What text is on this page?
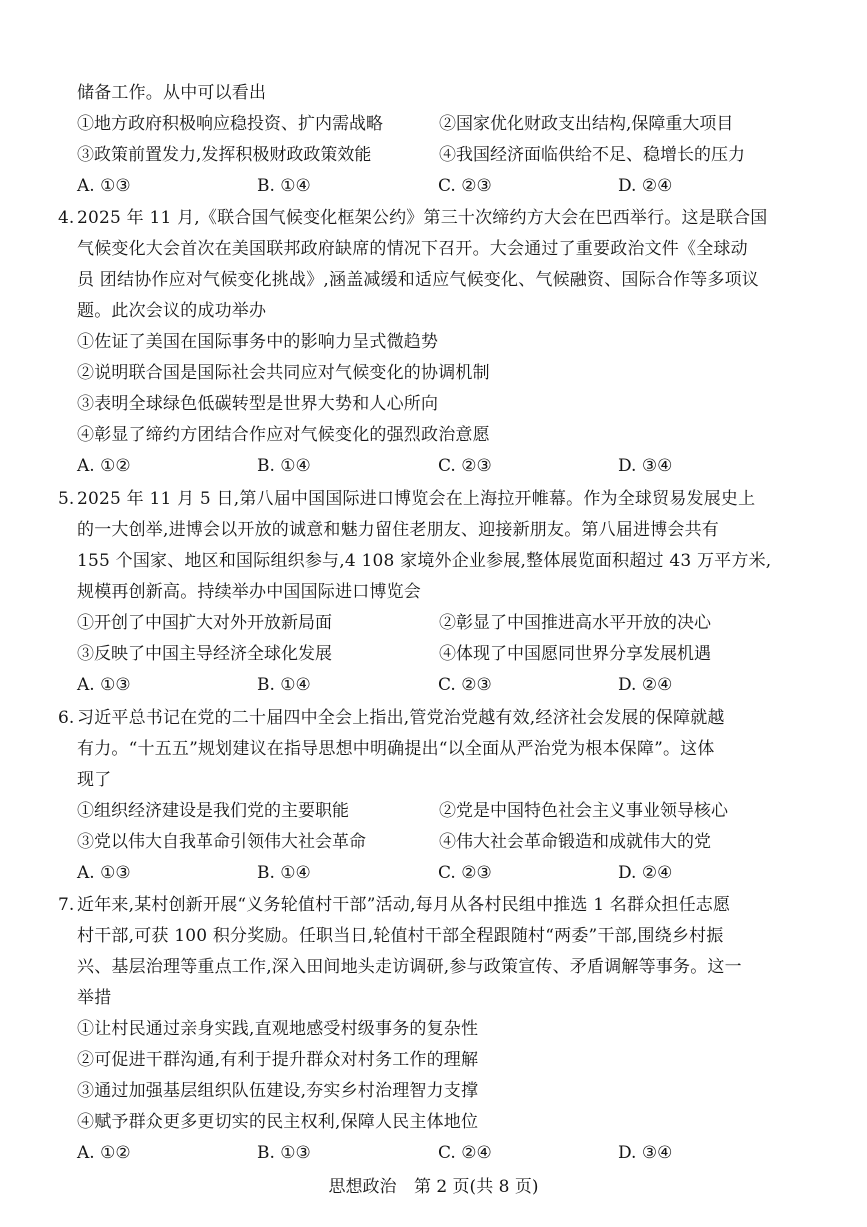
储备工作。从中可以看出
①地方政府积极响应稳投资、扩内需战略	②国家优化财政支出结构,保障重大项目
③政策前置发力,发挥积极财政政策效能	④我国经济面临供给不足、稳增长的压力
A. ①③	B. ①④	C. ②③	D. ②④
4. 2025 年 11 月,《联合国气候变化框架公约》第三十次缔约方大会在巴西举行。这是联合国
气候变化大会首次在美国联邦政府缺席的情况下召开。大会通过了重要政治文件《全球动
员 团结协作应对气候变化挑战》,涵盖减缓和适应气候变化、气候融资、国际合作等多项议
题。此次会议的成功举办
①佐证了美国在国际事务中的影响力呈式微趋势
②说明联合国是国际社会共同应对气候变化的协调机制
③表明全球绿色低碳转型是世界大势和人心所向
④彰显了缔约方团结合作应对气候变化的强烈政治意愿
A. ①②	B. ①④	C. ②③	D. ③④
5. 2025 年 11 月 5 日,第八届中国国际进口博览会在上海拉开帷幕。作为全球贸易发展史上
的一大创举,进博会以开放的诚意和魅力留住老朋友、迎接新朋友。第八届进博会共有
155 个国家、地区和国际组织参与,4 108 家境外企业参展,整体展览面积超过 43 万平方米,
规模再创新高。持续举办中国国际进口博览会
①开创了中国扩大对外开放新局面	②彰显了中国推进高水平开放的决心
③反映了中国主导经济全球化发展	④体现了中国愿同世界分享发展机遇
A. ①③	B. ①④	C. ②③	D. ②④
6. 习近平总书记在党的二十届四中全会上指出,管党治党越有效,经济社会发展的保障就越
有力。“十五五”规划建议在指导思想中明确提出“以全面从严治党为根本保障”。这体
现了
①组织经济建设是我们党的主要职能	②党是中国特色社会主义事业领导核心
③党以伟大自我革命引领伟大社会革命	④伟大社会革命锻造和成就伟大的党
A. ①③	B. ①④	C. ②③	D. ②④
7. 近年来,某村创新开展“义务轮值村干部”活动,每月从各村民组中推选 1 名群众担任志愿
村干部,可获 100 积分奖励。任职当日,轮值村干部全程跟随村“两委”干部,围绕乡村振
兴、基层治理等重点工作,深入田间地头走访调研,参与政策宣传、矛盾调解等事务。这一
举措
①让村民通过亲身实践,直观地感受村级事务的复杂性
②可促进干群沟通,有利于提升群众对村务工作的理解
③通过加强基层组织队伍建设,夯实乡村治理智力支撑
④赋予群众更多更切实的民主权利,保障人民主体地位
A. ①②	B. ①③	C. ②④	D. ③④
思想政治 第 2 页(共 8 页)
